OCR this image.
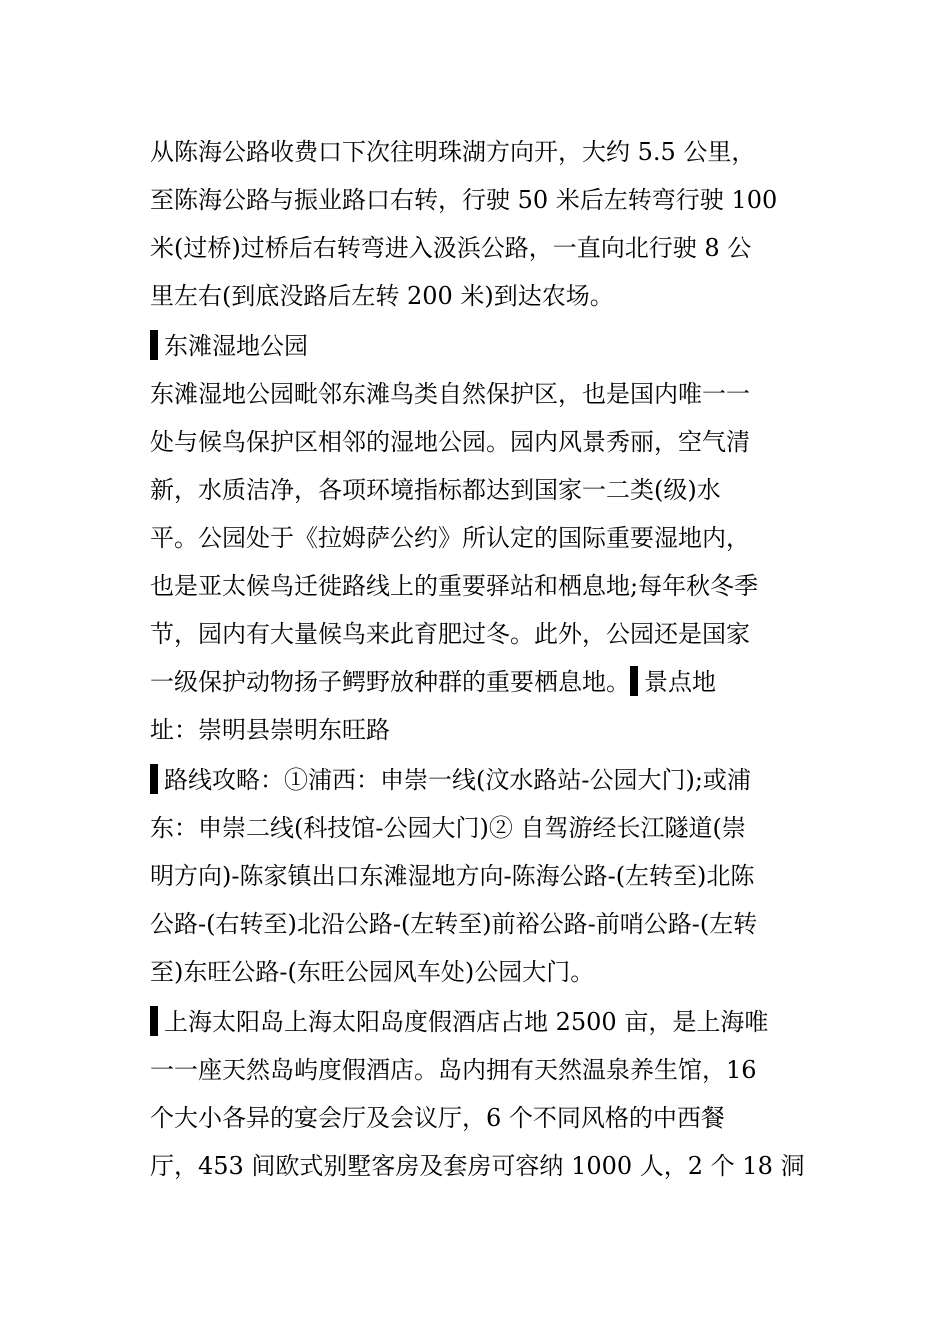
从陈海公路收费口下次往明珠湖方向开，大约 5.5 公里，
至陈海公路与振业路口右转，行驶 50 米后左转弯行驶 100
米(过桥)过桥后右转弯进入汲浜公路，一直向北行驶 8 公
里左右(到底没路后左转 200 米)到达农场。
东滩湿地公园
东滩湿地公园毗邻东滩鸟类自然保护区，也是国内唯一一
处与候鸟保护区相邻的湿地公园。园内风景秀丽，空气清
新，水质洁净，各项环境指标都达到国家一二类(级)水
平。公园处于《拉姆萨公约》所认定的国际重要湿地内，
也是亚太候鸟迁徙路线上的重要驿站和栖息地;每年秋冬季
节，园内有大量候鸟来此育肥过冬。此外，公园还是国家
一级保护动物扬子鳄野放种群的重要栖息地。 景点地
址：崇明县崇明东旺路
路线攻略：①浦西：申崇一线(汶水路站-公园大门);或浦
东：申崇二线(科技馆-公园大门)② 自驾游经长江隧道(崇
明方向)-陈家镇出口东滩湿地方向-陈海公路-(左转至)北陈
公路-(右转至)北沿公路-(左转至)前裕公路-前哨公路-(左转
至)东旺公路-(东旺公园风车处)公园大门。
上海太阳岛上海太阳岛度假酒店占地 2500 亩，是上海唯
一一座天然岛屿度假酒店。岛内拥有天然温泉养生馆，16
个大小各异的宴会厅及会议厅，6 个不同风格的中西餐
厅，453 间欧式别墅客房及套房可容纳 1000 人，2 个 18 洞
